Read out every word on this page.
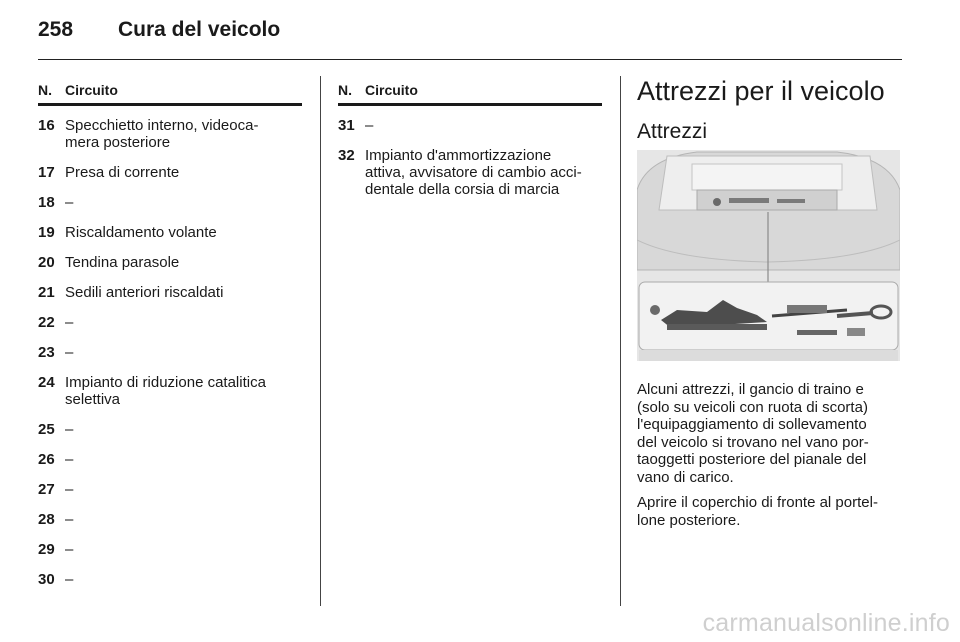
258 Cura del veicolo
N. Circuito
16 Specchietto interno, videoca-
mera posteriore
17 Presa di corrente
18 –
19 Riscaldamento volante
20 Tendina parasole
21 Sedili anteriori riscaldati
22 –
23 –
24 Impianto di riduzione catalitica
selettiva
25 –
26 –
27 –
28 –
29 –
30 –
N. Circuito
31 –
32 Impianto d'ammortizzazione
attiva, avvisatore di cambio acci-
dentale della corsia di marcia
Attrezzi per il veicolo
Attrezzi

Alcuni attrezzi, il gancio di traino e
(solo su veicoli con ruota di scorta)
l'equipaggiamento di sollevamento
del veicolo si trovano nel vano por-
taoggetti posteriore del pianale del
vano di carico.

Aprire il coperchio di fronte al portel-
lone posteriore.

carmanualsonline.info
